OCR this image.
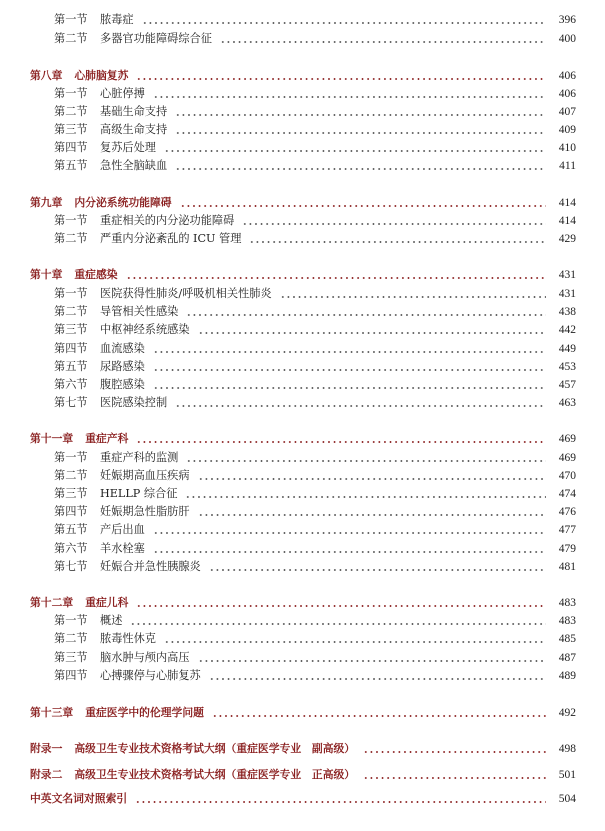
第一节	脓毒症	396
第二节	多器官功能障碍综合征	400
第八章 心肺脑复苏	406
第一节	心脏停搏	406
第二节	基础生命支持	407
第三节	高级生命支持	409
第四节	复苏后处理	410
第五节	急性全脑缺血	411
第九章 内分泌系统功能障碍	414
第一节	重症相关的内分泌功能障碍	414
第二节	严重内分泌紊乱的 ICU 管理	429
第十章 重症感染	431
第一节	医院获得性肺炎/呼吸机相关性肺炎	431
第二节	导管相关性感染	438
第三节	中枢神经系统感染	442
第四节	血流感染	449
第五节	尿路感染	453
第六节	腹腔感染	457
第七节	医院感染控制	463
第十一章 重症产科	469
第一节	重症产科的监测	469
第二节	妊娠期高血压疾病	470
第三节	HELLP 综合征	474
第四节	妊娠期急性脂肪肝	476
第五节	产后出血	477
第六节	羊水栓塞	479
第七节	妊娠合并急性胰腺炎	481
第十二章 重症儿科	483
第一节	概述	483
第二节	脓毒性休克	485
第三节	脑水肿与颅内高压	487
第四节	心搏骤停与心肺复苏	489
第十三章 重症医学中的伦理学问题	492
附录一 高级卫生专业技术资格考试大纲（重症医学专业　副高级）	498
附录二 高级卫生专业技术资格考试大纲（重症医学专业　正高级）	501
中英文名词对照索引	504
